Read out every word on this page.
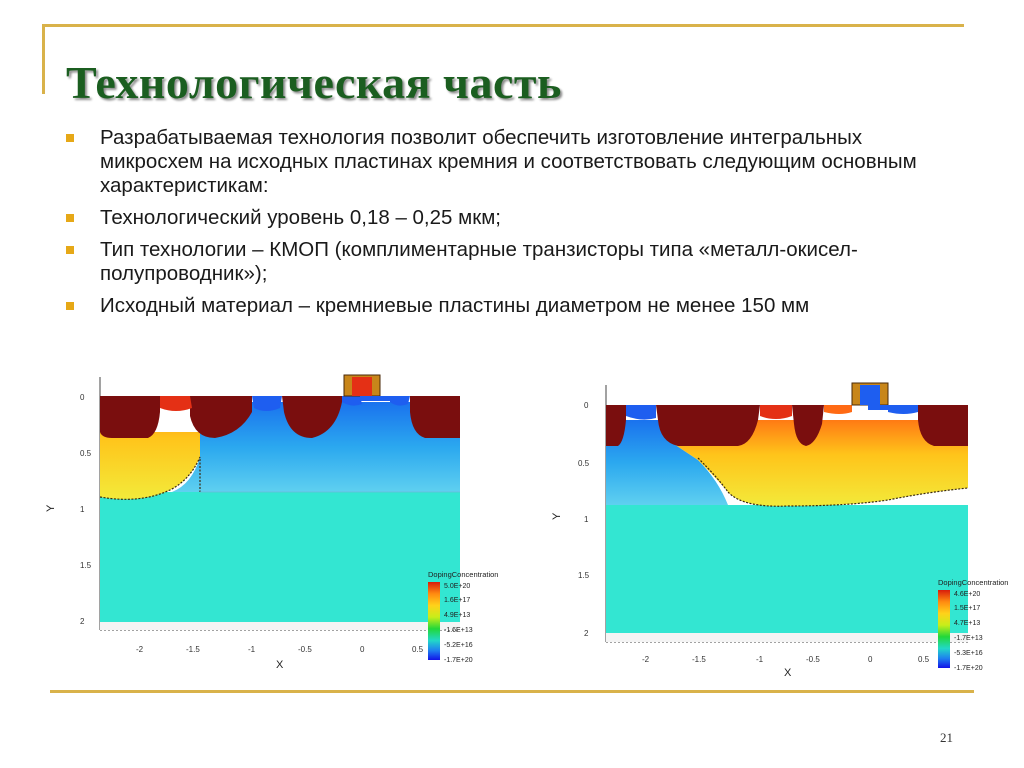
Технологическая часть
Разрабатываемая технология позволит обеспечить изготовление интегральных микросхем на исходных пластинах кремния и соответствовать следующим основным характеристикам:
Технологический уровень 0,18 – 0,25 мкм;
Тип технологии – КМОП (комплиментарные транзисторы типа «металл-окисел-полупроводник»);
Исходный материал – кремниевые пластины диаметром не менее 150 мм
DopingConcentration
5.0E+20
1.6E+17
4.9E+13
-1.6E+13
-5.2E+16
-1.7E+20
0
0.5
1
1.5
2
Y
-2	-1.5	-1	-0.5	0	0.5
X
DopingConcentration
4.6E+20
1.5E+17
4.7E+13
-1.7E+13
-5.3E+16
-1.7E+20
0
0.5
1
1.5
2
Y
-2	-1.5	-1	-0.5	0	0.5
X
21
